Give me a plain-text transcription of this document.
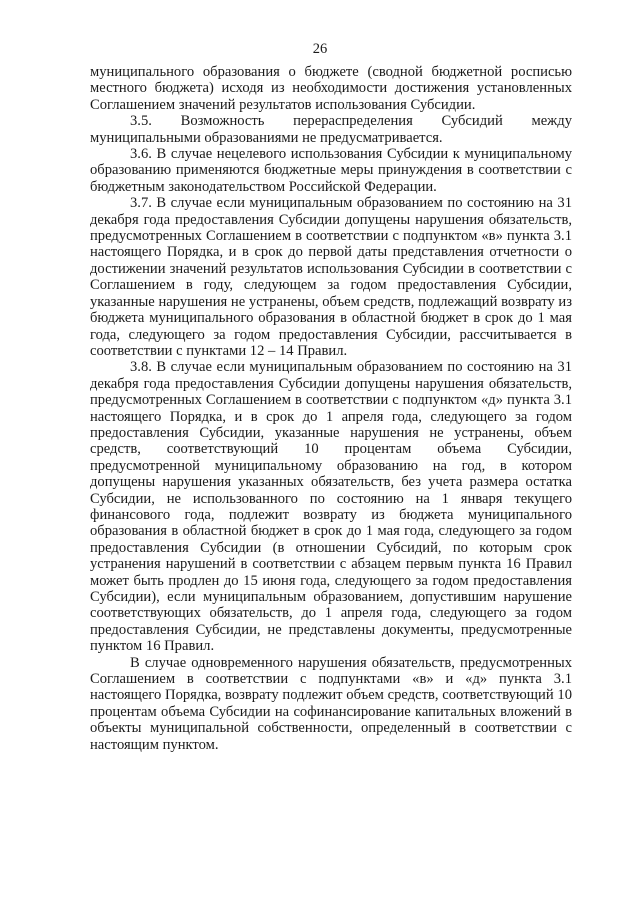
26

муниципального образования о бюджете (сводной бюджетной росписью местного бюджета) исходя из необходимости достижения установленных Соглашением значений результатов использования Субсидии.

3.5. Возможность перераспределения Субсидий между муниципальными образованиями не предусматривается.

3.6. В случае нецелевого использования Субсидии к муниципальному образованию применяются бюджетные меры принуждения в соответствии с бюджетным законодательством Российской Федерации.

3.7. В случае если муниципальным образованием по состоянию на 31 декабря года предоставления Субсидии допущены нарушения обязательств, предусмотренных Соглашением в соответствии с подпунктом «в» пункта 3.1 настоящего Порядка, и в срок до первой даты представления отчетности о достижении значений результатов использования Субсидии в соответствии с Соглашением в году, следующем за годом предоставления Субсидии, указанные нарушения не устранены, объем средств, подлежащий возврату из бюджета муниципального образования в областной бюджет в срок до 1 мая года, следующего за годом предоставления Субсидии, рассчитывается в соответствии с пунктами 12 – 14 Правил.

3.8. В случае если муниципальным образованием по состоянию на 31 декабря года предоставления Субсидии допущены нарушения обязательств, предусмотренных Соглашением в соответствии с подпунктом «д» пункта 3.1 настоящего Порядка, и в срок до 1 апреля года, следующего за годом предоставления Субсидии, указанные нарушения не устранены, объем средств, соответствующий 10 процентам объема Субсидии, предусмотренной муниципальному образованию на год, в котором допущены нарушения указанных обязательств, без учета размера остатка Субсидии, не использованного по состоянию на 1 января текущего финансового года, подлежит возврату из бюджета муниципального образования в областной бюджет в срок до 1 мая года, следующего за годом предоставления Субсидии (в отношении Субсидий, по которым срок устранения нарушений в соответствии с абзацем первым пункта 16 Правил может быть продлен до 15 июня года, следующего за годом предоставления Субсидии), если муниципальным образованием, допустившим нарушение соответствующих обязательств, до 1 апреля года, следующего за годом предоставления Субсидии, не представлены документы, предусмотренные пунктом 16 Правил.

В случае одновременного нарушения обязательств, предусмотренных Соглашением в соответствии с подпунктами «в» и «д» пункта 3.1 настоящего Порядка, возврату подлежит объем средств, соответствующий 10 процентам объема Субсидии на софинансирование капитальных вложений в объекты муниципальной собственности, определенный в соответствии с настоящим пунктом.
